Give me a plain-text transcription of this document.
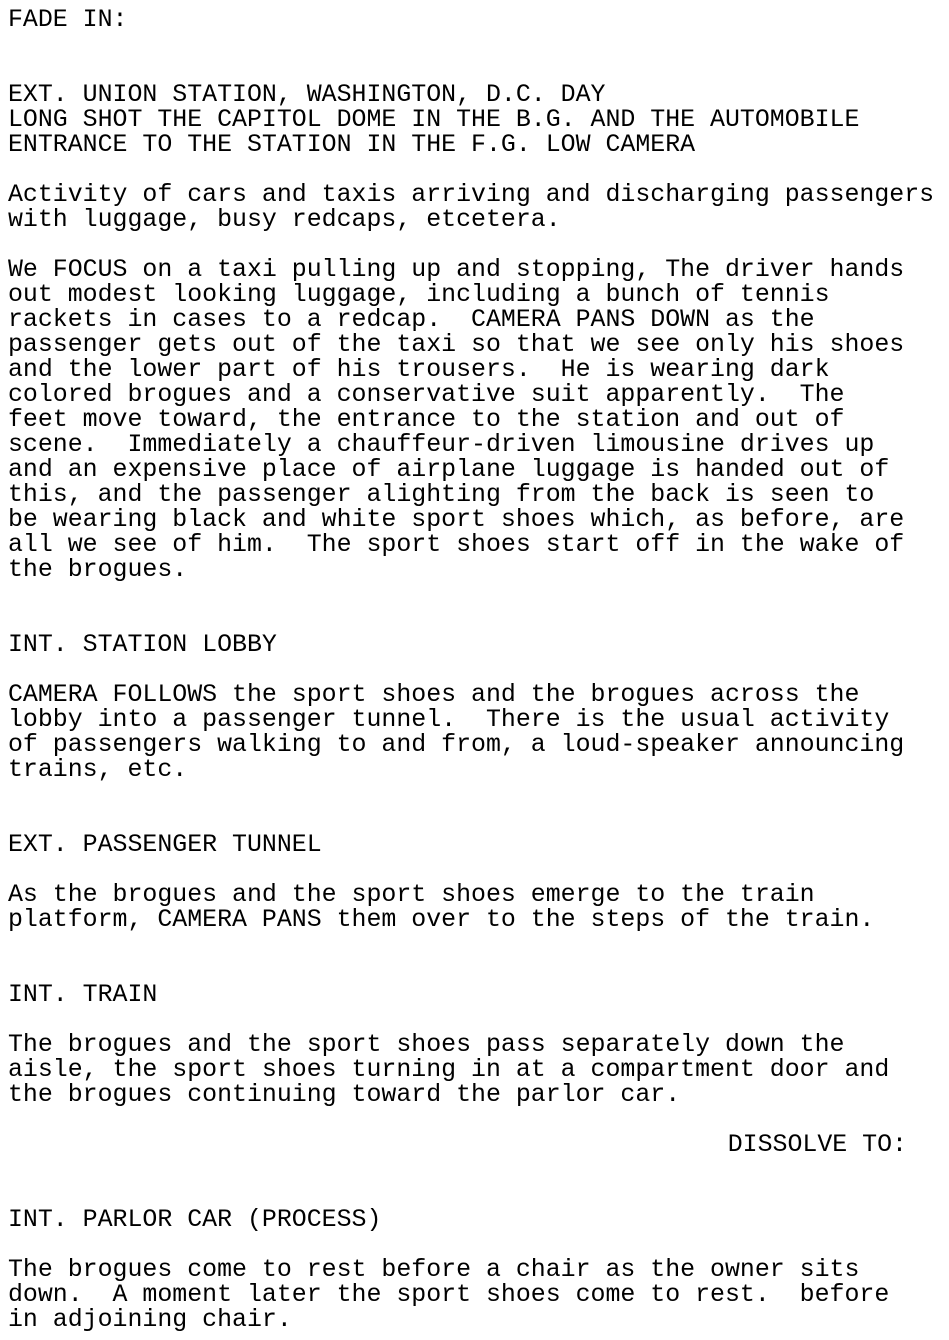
FADE IN:
EXT. UNION STATION, WASHINGTON, D.C. DAY
LONG SHOT THE CAPITOL DOME IN THE B.G. AND THE AUTOMOBILE
ENTRANCE TO THE STATION IN THE F.G. LOW CAMERA
Activity of cars and taxis arriving and discharging passengers
with luggage, busy redcaps, etcetera.
We FOCUS on a taxi pulling up and stopping, The driver hands
out modest looking luggage, including a bunch of tennis
rackets in cases to a redcap.  CAMERA PANS DOWN as the
passenger gets out of the taxi so that we see only his shoes
and the lower part of his trousers.  He is wearing dark
colored brogues and a conservative suit apparently.  The
feet move toward, the entrance to the station and out of
scene.  Immediately a chauffeur-driven limousine drives up
and an expensive place of airplane luggage is handed out of
this, and the passenger alighting from the back is seen to
be wearing black and white sport shoes which, as before, are
all we see of him.  The sport shoes start off in the wake of
the brogues.
INT. STATION LOBBY
CAMERA FOLLOWS the sport shoes and the brogues across the
lobby into a passenger tunnel.  There is the usual activity
of passengers walking to and from, a loud-speaker announcing
trains, etc.
EXT. PASSENGER TUNNEL
As the brogues and the sport shoes emerge to the train
platform, CAMERA PANS them over to the steps of the train.
INT. TRAIN
The brogues and the sport shoes pass separately down the
aisle, the sport shoes turning in at a compartment door and
the brogues continuing toward the parlor car.
DISSOLVE TO:
INT. PARLOR CAR (PROCESS)
The brogues come to rest before a chair as the owner sits
down.  A moment later the sport shoes come to rest.  before
in adjoining chair.
